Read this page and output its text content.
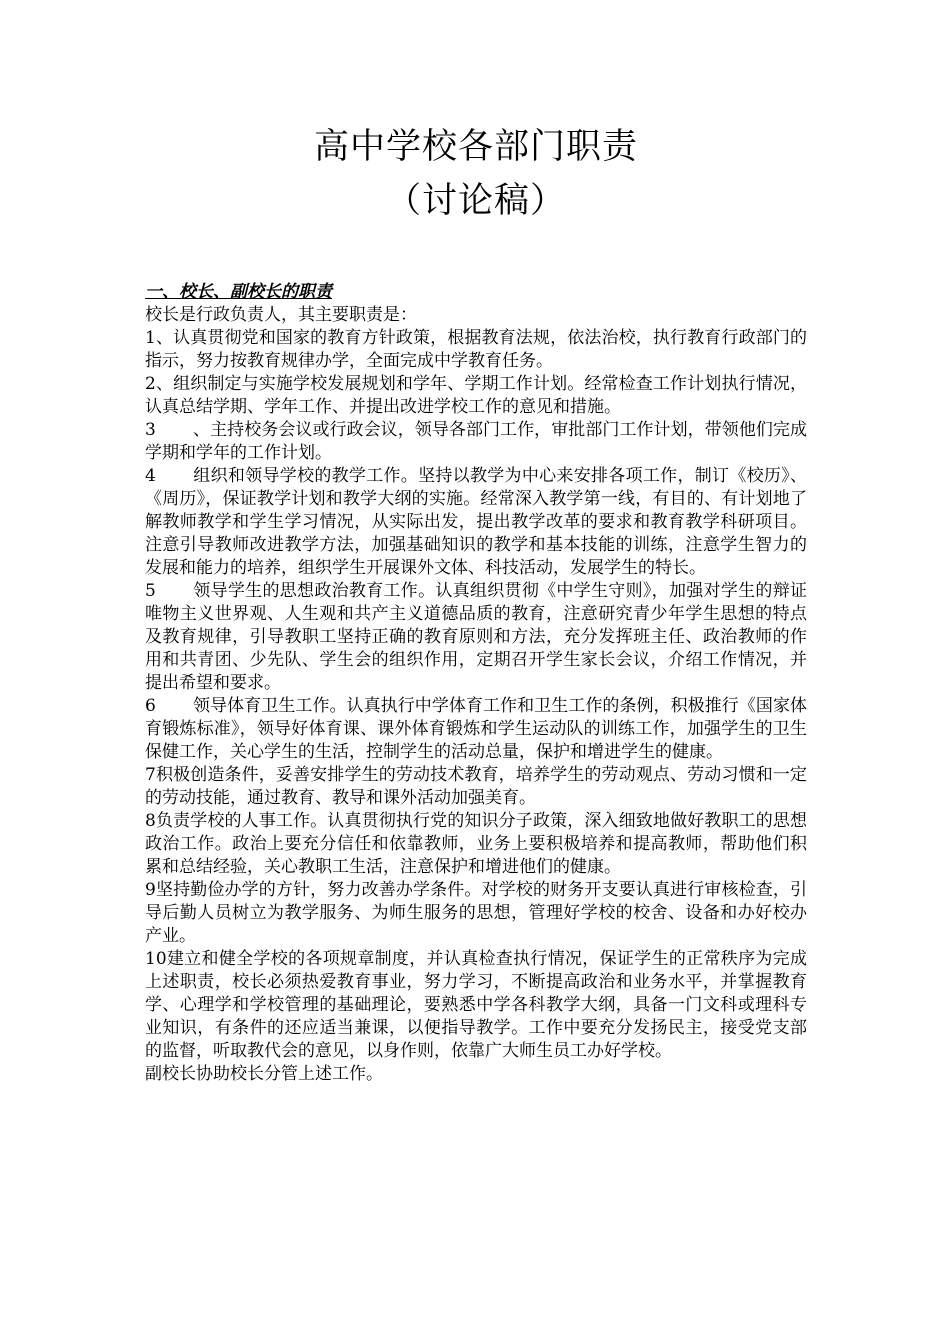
高中学校各部门职责
（讨论稿）
一、校长、副校长的职责

校长是行政负责人，其主要职责是：

1、认真贯彻党和国家的教育方针政策，根据教育法规，依法治校，执行教育行政部门的指示，努力按教育规律办学，全面完成中学教育任务。

2、组织制定与实施学校发展规划和学年、学期工作计划。经常检查工作计划执行情况，认真总结学期、学年工作、并提出改进学校工作的意见和措施。

3 、主持校务会议或行政会议，领导各部门工作，审批部门工作计划，带领他们完成学期和学年的工作计划。

4 组织和领导学校的教学工作。坚持以教学为中心来安排各项工作，制订《校历》、《周历》，保证教学计划和教学大纲的实施。经常深入教学第一线，有目的、有计划地了解教师教学和学生学习情况，从实际出发，提出教学改革的要求和教育教学科研项目。注意引导教师改进教学方法，加强基础知识的教学和基本技能的训练，注意学生智力的发展和能力的培养，组织学生开展课外文体、科技活动，发展学生的特长。

5 领导学生的思想政治教育工作。认真组织贯彻《中学生守则》，加强对学生的辩证唯物主义世界观、人生观和共产主义道德品质的教育，注意研究青少年学生思想的特点及教育规律，引导教职工坚持正确的教育原则和方法，充分发挥班主任、政治教师的作用和共青团、少先队、学生会的组织作用，定期召开学生家长会议，介绍工作情况，并提出希望和要求。

6 领导体育卫生工作。认真执行中学体育工作和卫生工作的条例，积极推行《国家体育锻炼标准》，领导好体育课、课外体育锻炼和学生运动队的训练工作，加强学生的卫生保健工作，关心学生的生活，控制学生的活动总量，保护和增进学生的健康。

7积极创造条件，妥善安排学生的劳动技术教育，培养学生的劳动观点、劳动习惯和一定的劳动技能，通过教育、教导和课外活动加强美育。

8负责学校的人事工作。认真贯彻执行党的知识分子政策，深入细致地做好教职工的思想政治工作。政治上要充分信任和依靠教师，业务上要积极培养和提高教师，帮助他们积累和总结经验，关心教职工生活，注意保护和增进他们的健康。

9坚持勤俭办学的方针，努力改善办学条件。对学校的财务开支要认真进行审核检查，引导后勤人员树立为教学服务、为师生服务的思想，管理好学校的校舍、设备和办好校办产业。

10建立和健全学校的各项规章制度，并认真检查执行情况，保证学生的正常秩序为完成上述职责，校长必须热爱教育事业，努力学习，不断提高政治和业务水平，并掌握教育学、心理学和学校管理的基础理论，要熟悉中学各科教学大纲，具备一门文科或理科专业知识，有条件的还应适当兼课，以便指导教学。工作中要充分发扬民主，接受党支部的监督，听取教代会的意见，以身作则，依靠广大师生员工办好学校。

副校长协助校长分管上述工作。
